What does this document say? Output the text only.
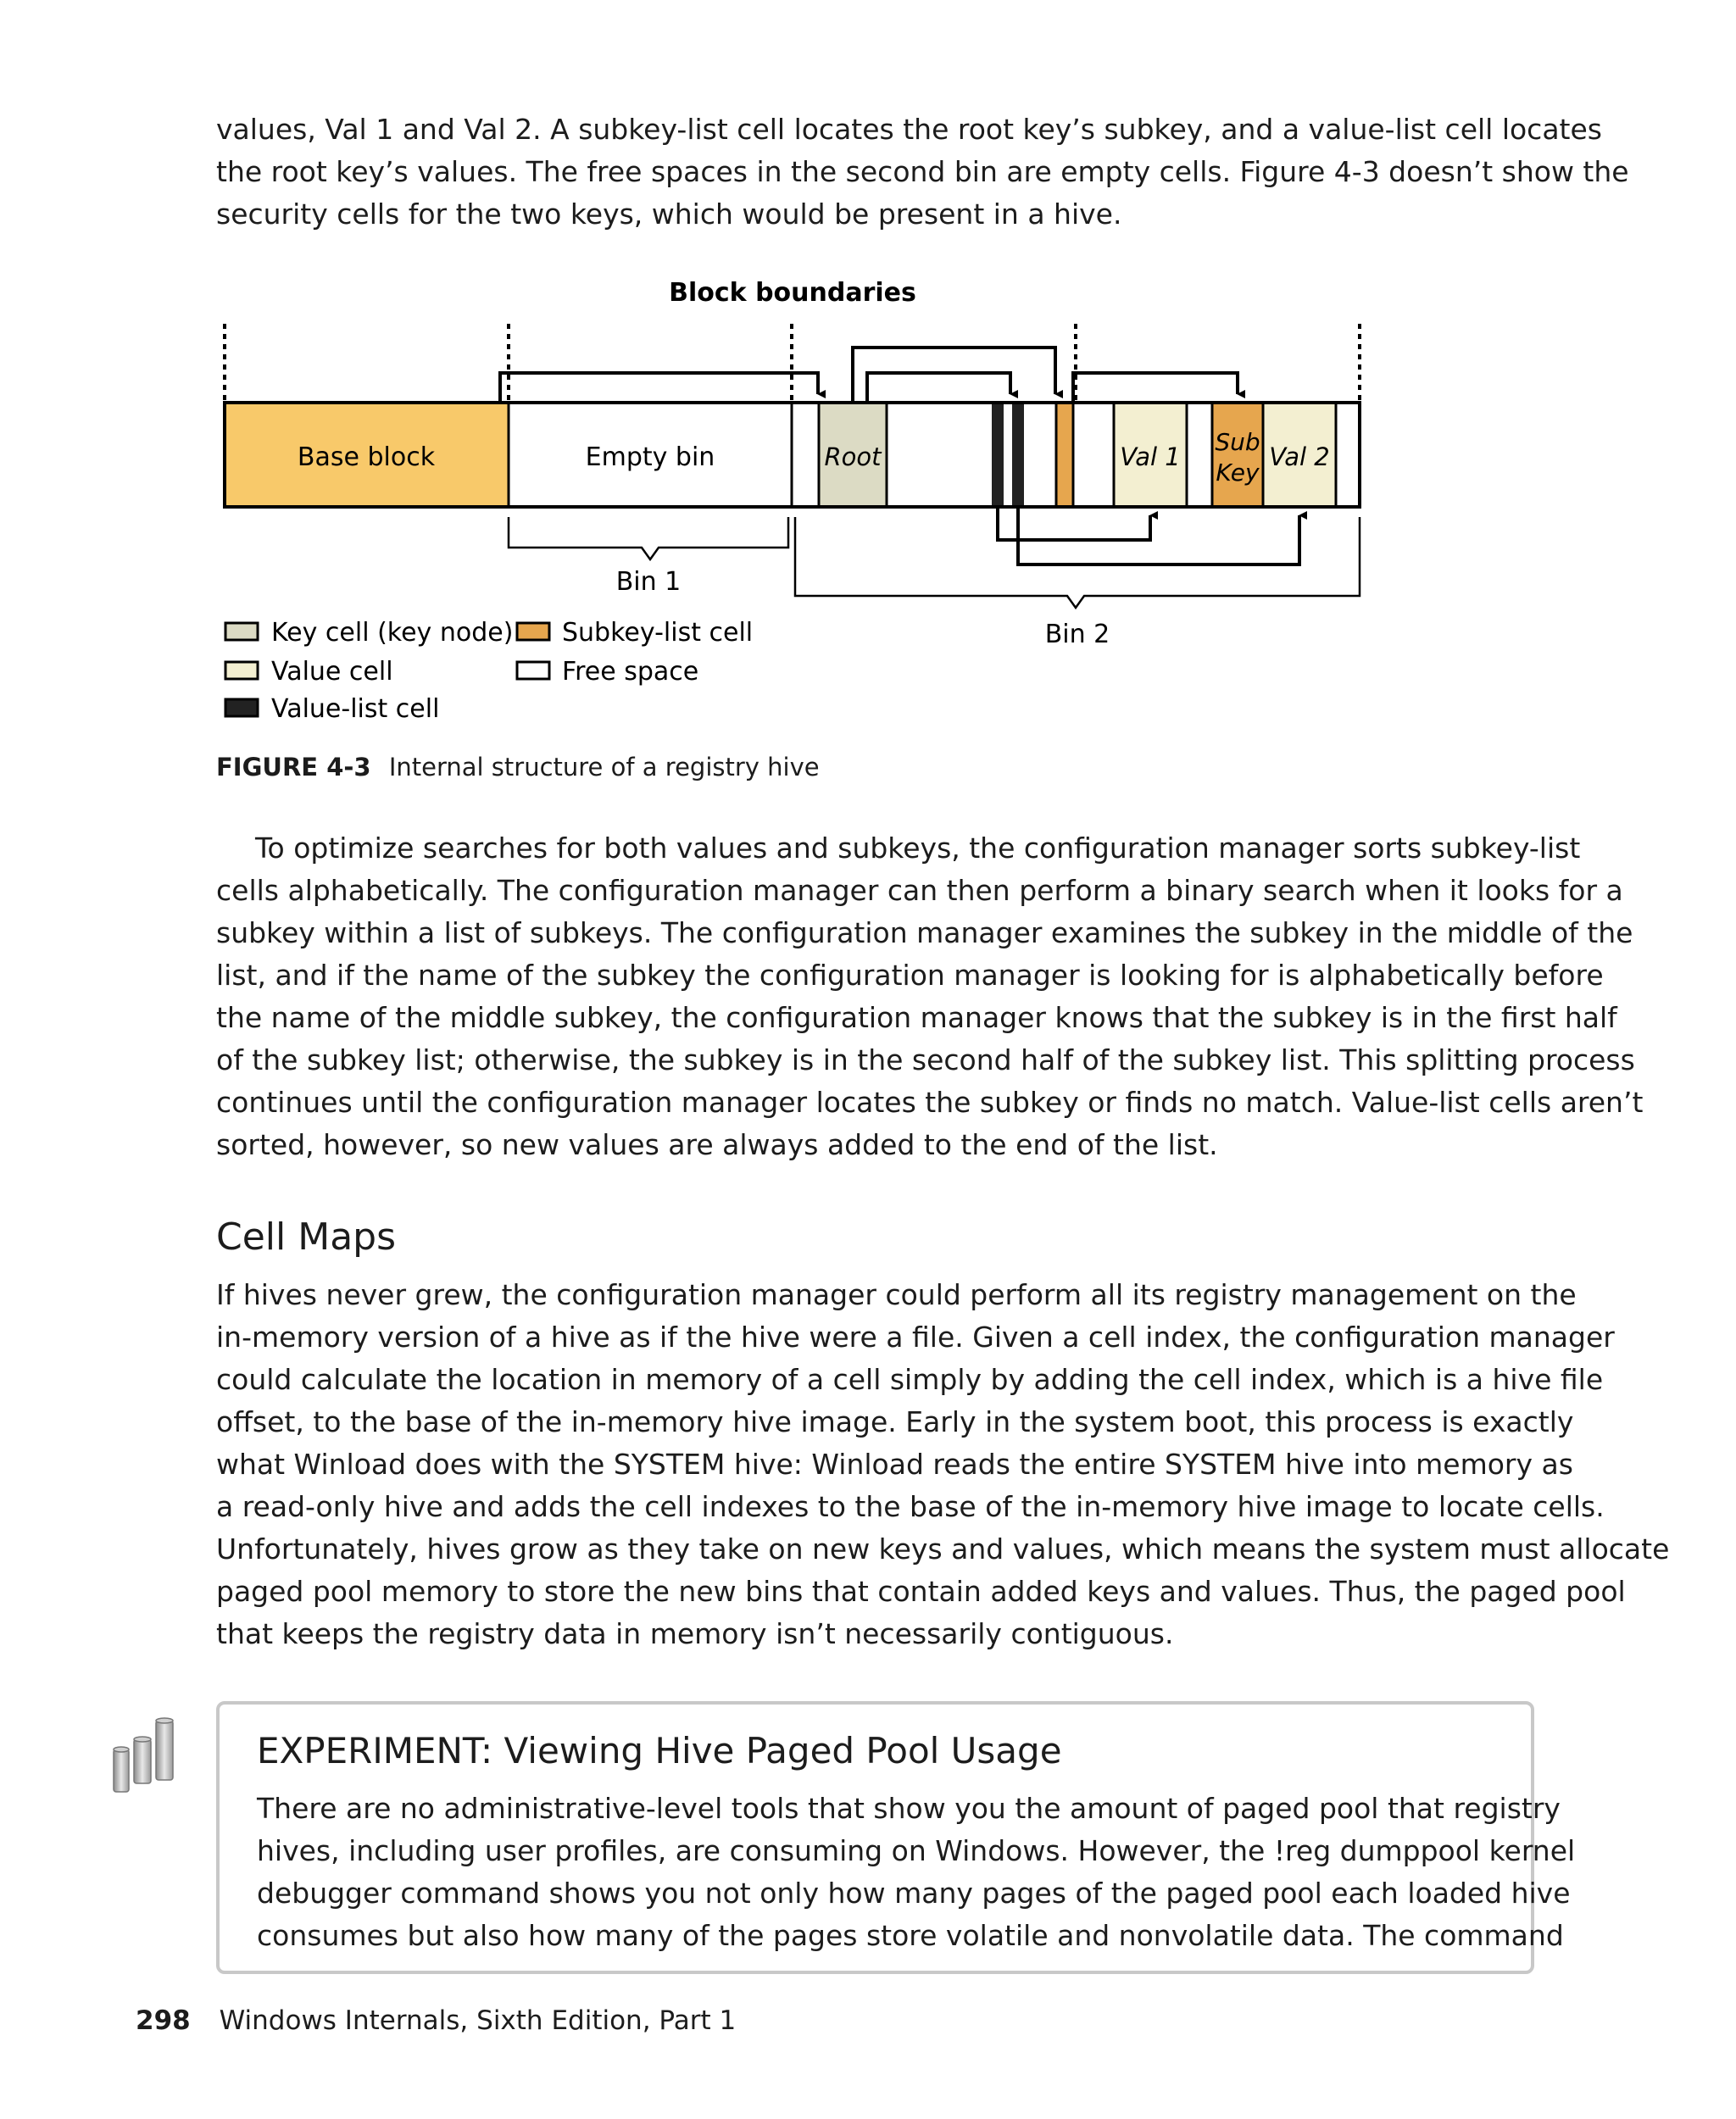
values, Val 1 and Val 2. A subkey-list cell locates the root key’s subkey, and a value-list cell locates
the root key’s values. The free spaces in the second bin are empty cells. Figure 4-3 doesn’t show the
security cells for the two keys, which would be present in a hive.

Block boundaries
Base block	Empty bin	Root	Val 1
Sub
Key
Val 2
Bin 1
Bin 2
Key cell (key node)
Value cell
Value-list cell
Subkey-list cell
Free space

FIGURE 4-3 Internal structure of a registry hive

To optimize searches for both values and subkeys, the configuration manager sorts subkey-list
cells alphabetically. The configuration manager can then perform a binary search when it looks for a
subkey within a list of subkeys. The configuration manager examines the subkey in the middle of the
list, and if the name of the subkey the configuration manager is looking for is alphabetically before
the name of the middle subkey, the configuration manager knows that the subkey is in the first half
of the subkey list; otherwise, the subkey is in the second half of the subkey list. This splitting process
continues until the configuration manager locates the subkey or finds no match. Value-list cells aren’t
sorted, however, so new values are always added to the end of the list.

Cell Maps

If hives never grew, the configuration manager could perform all its registry management on the
in-memory version of a hive as if the hive were a file. Given a cell index, the configuration manager
could calculate the location in memory of a cell simply by adding the cell index, which is a hive file
offset, to the base of the in-memory hive image. Early in the system boot, this process is exactly
what Winload does with the SYSTEM hive: Winload reads the entire SYSTEM hive into memory as
a read-only hive and adds the cell indexes to the base of the in-memory hive image to locate cells.
Unfortunately, hives grow as they take on new keys and values, which means the system must allocate
paged pool memory to store the new bins that contain added keys and values. Thus, the paged pool
that keeps the registry data in memory isn’t necessarily contiguous.

EXPERIMENT: Viewing Hive Paged Pool Usage

There are no administrative-level tools that show you the amount of paged pool that registry
hives, including user profiles, are consuming on Windows. However, the !reg dumppool kernel
debugger command shows you not only how many pages of the paged pool each loaded hive
consumes but also how many of the pages store volatile and nonvolatile data. The command

298 Windows Internals, Sixth Edition, Part 1
